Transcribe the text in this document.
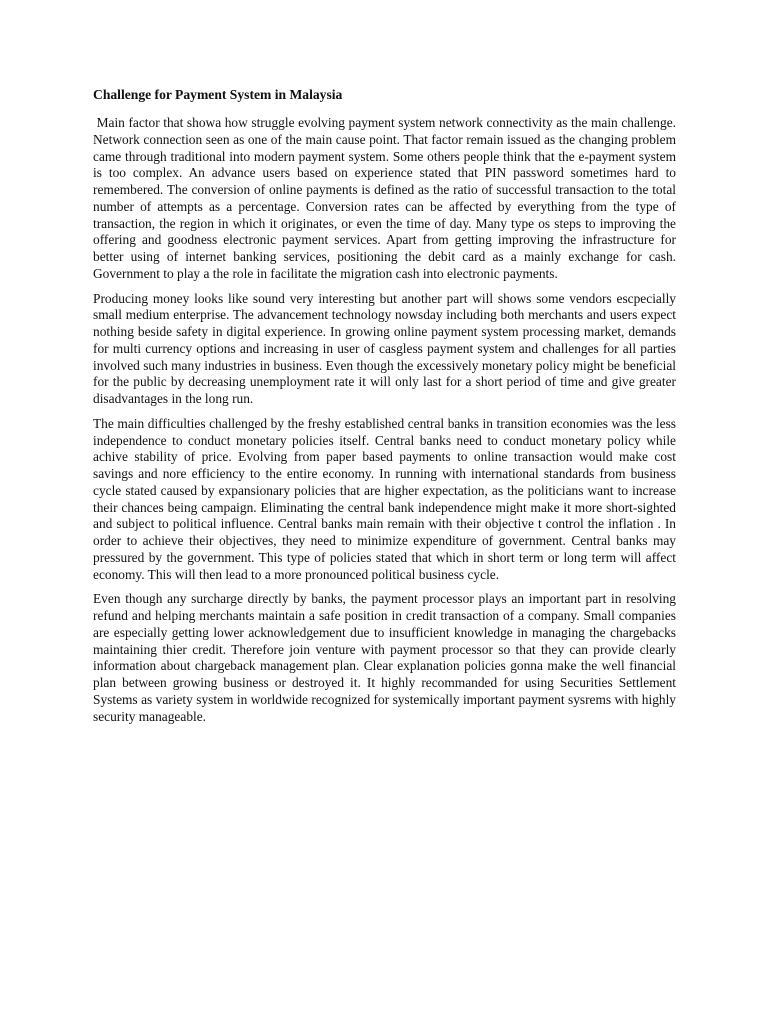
Challenge for Payment System in Malaysia

Main factor that showa how struggle evolving payment system network connectivity as the main challenge. Network connection seen as one of the main cause point. That factor remain issued as the changing problem came through traditional into modern payment system. Some others people think that the e-payment system is too complex. An advance users based on experience stated that PIN password sometimes hard to remembered. The conversion of online payments is defined as the ratio of successful transaction to the total number of attempts as a percentage. Conversion rates can be affected by everything from the type of transaction, the region in which it originates, or even the time of day. Many type os steps to improving the offering and goodness electronic payment services. Apart from getting improving the infrastructure for better using of internet banking services, positioning the debit card as a mainly exchange for cash. Government to play a the role in facilitate the migration cash into electronic payments.

Producing money looks like sound very interesting but another part will shows some vendors escpecially small medium enterprise. The advancement technology nowsday including both merchants and users expect nothing beside safety in digital experience. In growing online payment system processing market, demands for multi currency options and increasing in user of casgless payment system and challenges for all parties involved such many industries in business. Even though the excessively monetary policy might be beneficial for the public by decreasing unemployment rate it will only last for a short period of time and give greater disadvantages in the long run.

The main difficulties challenged by the freshy established central banks in transition economies was the less independence to conduct monetary policies itself. Central banks need to conduct monetary policy while achive stability of price. Evolving from paper based payments to online transaction would make cost savings and nore efficiency to the entire economy. In running with international standards from business cycle stated caused by expansionary policies that are higher expectation, as the politicians want to increase their chances being campaign. Eliminating the central bank independence might make it more short-sighted and subject to political influence. Central banks main remain with their objective t control the inflation . In order to achieve their objectives, they need to minimize expenditure of government. Central banks may pressured by the government. This type of policies stated that which in short term or long term will affect economy. This will then lead to a more pronounced political business cycle.

Even though any surcharge directly by banks, the payment processor plays an important part in resolving refund and helping merchants maintain a safe position in credit transaction of a company. Small companies are especially getting lower acknowledgement due to insufficient knowledge in managing the chargebacks maintaining thier credit. Therefore join venture with payment processor so that they can provide clearly information about chargeback management plan. Clear explanation policies gonna make the well financial plan between growing business or destroyed it. It highly recommanded for using Securities Settlement Systems as variety system in worldwide recognized for systemically important payment sysrems with highly security manageable.
